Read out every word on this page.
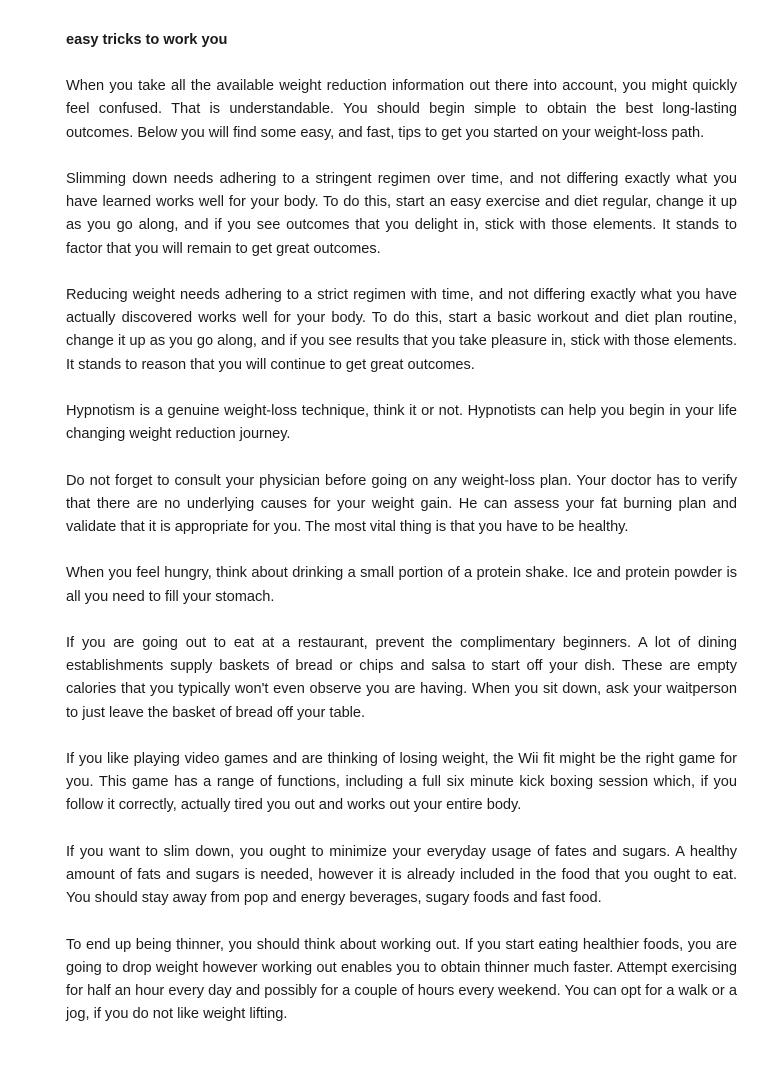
easy tricks to work you

When you take all the available weight reduction information out there into account, you might quickly feel confused. That is understandable. You should begin simple to obtain the best long-lasting outcomes. Below you will find some easy, and fast, tips to get you started on your weight-loss path.

Slimming down needs adhering to a stringent regimen over time, and not differing exactly what you have learned works well for your body. To do this, start an easy exercise and diet regular, change it up as you go along, and if you see outcomes that you delight in, stick with those elements. It stands to factor that you will remain to get great outcomes.

Reducing weight needs adhering to a strict regimen with time, and not differing exactly what you have actually discovered works well for your body. To do this, start a basic workout and diet plan routine, change it up as you go along, and if you see results that you take pleasure in, stick with those elements. It stands to reason that you will continue to get great outcomes.

Hypnotism is a genuine weight-loss technique, think it or not. Hypnotists can help you begin in your life changing weight reduction journey.

Do not forget to consult your physician before going on any weight-loss plan. Your doctor has to verify that there are no underlying causes for your weight gain. He can assess your fat burning plan and validate that it is appropriate for you. The most vital thing is that you have to be healthy.

When you feel hungry, think about drinking a small portion of a protein shake. Ice and protein powder is all you need to fill your stomach.

If you are going out to eat at a restaurant, prevent the complimentary beginners. A lot of dining establishments supply baskets of bread or chips and salsa to start off your dish. These are empty calories that you typically won't even observe you are having. When you sit down, ask your waitperson to just leave the basket of bread off your table.

If you like playing video games and are thinking of losing weight, the Wii fit might be the right game for you. This game has a range of functions, including a full six minute kick boxing session which, if you follow it correctly, actually tired you out and works out your entire body.

If you want to slim down, you ought to minimize your everyday usage of fates and sugars. A healthy amount of fats and sugars is needed, however it is already included in the food that you ought to eat. You should stay away from pop and energy beverages, sugary foods and fast food.

To end up being thinner, you should think about working out. If you start eating healthier foods, you are going to drop weight however working out enables you to obtain thinner much faster. Attempt exercising for half an hour every day and possibly for a couple of hours every weekend. You can opt for a walk or a jog, if you do not like weight lifting.
